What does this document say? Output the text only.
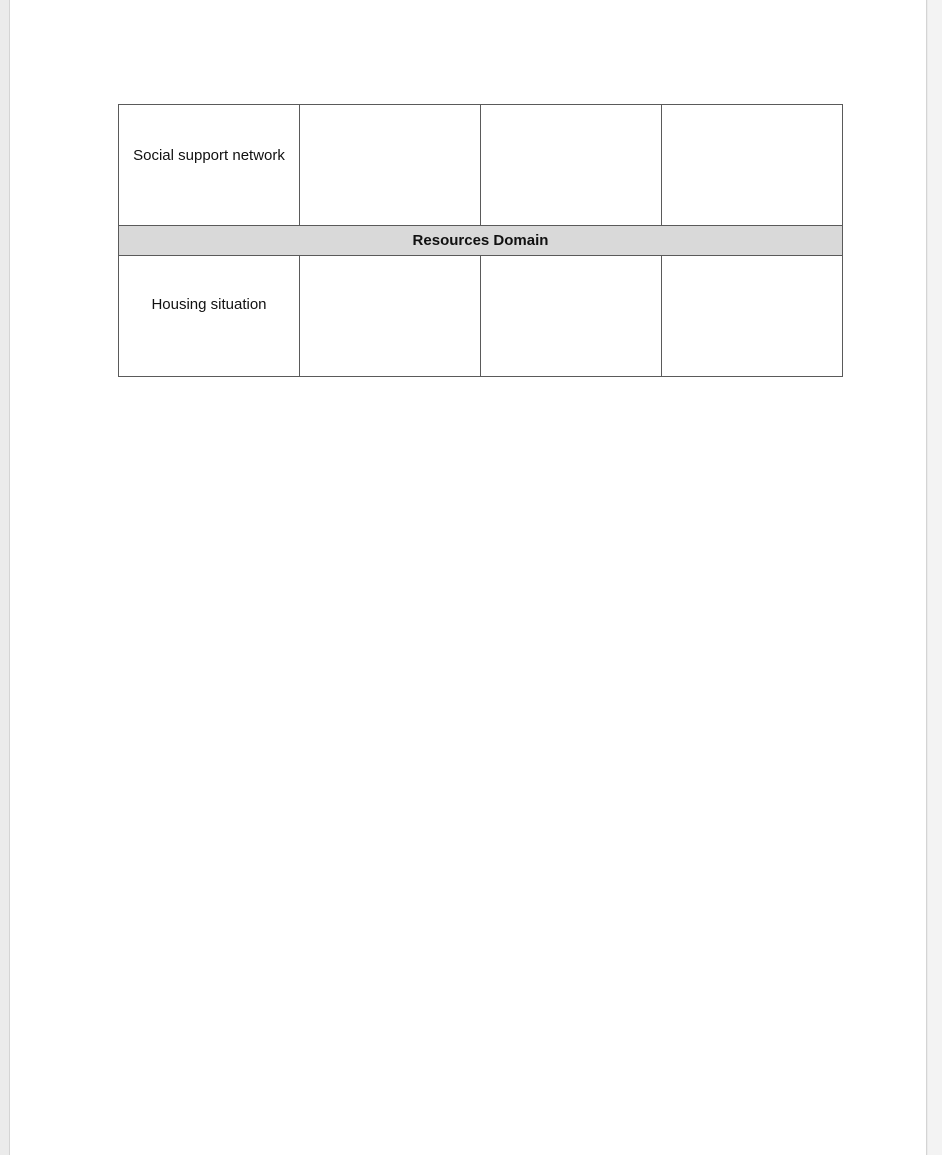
Social support network			
Resources Domain			
Housing situation			
